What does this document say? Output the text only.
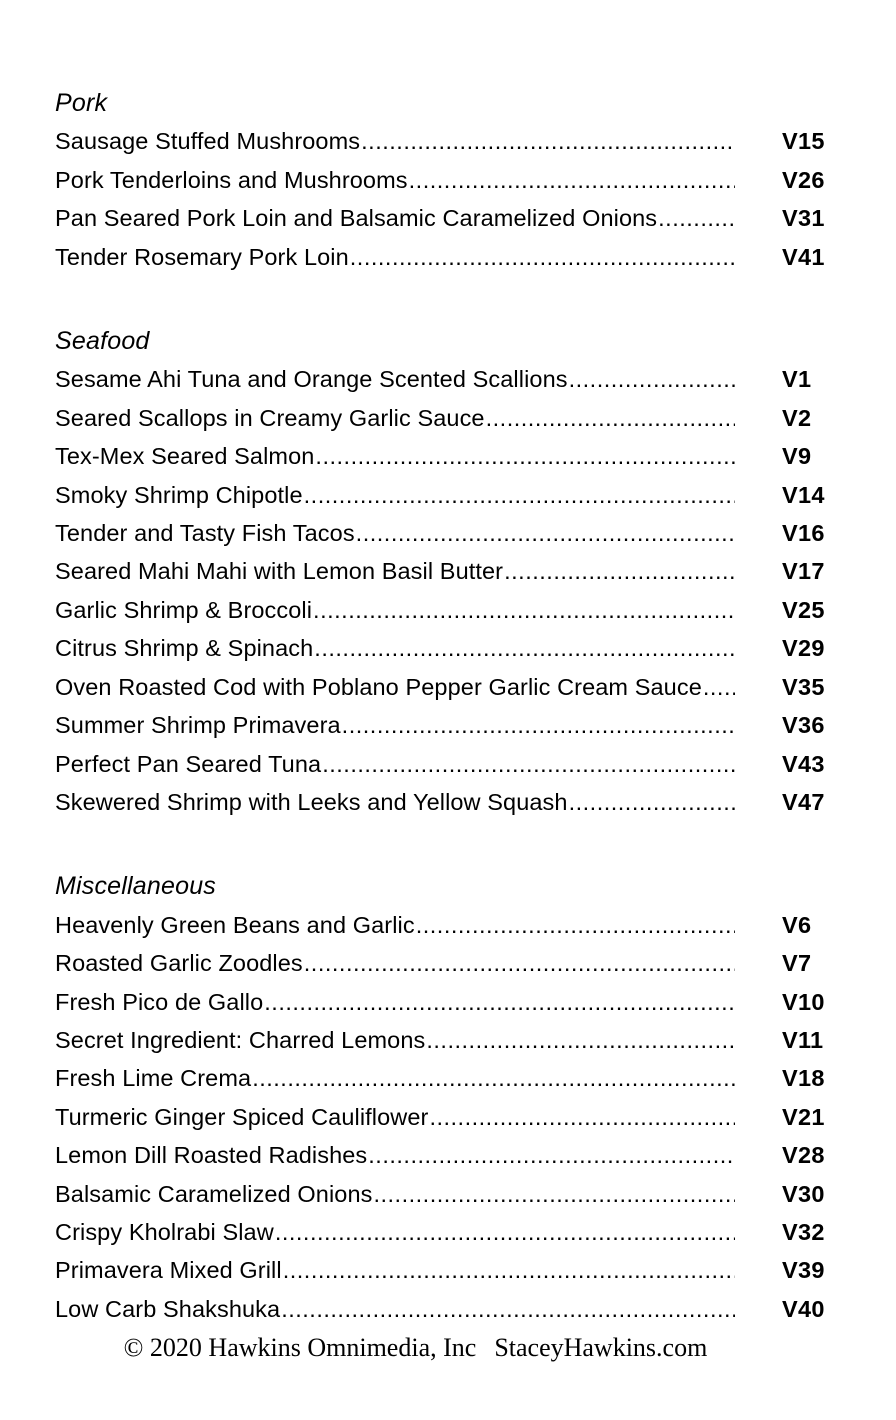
Pork
Sausage Stuffed Mushrooms .....	V15
Pork Tenderloins and Mushrooms .....	V26
Pan Seared Pork Loin and Balsamic Caramelized Onions .....	V31
Tender Rosemary Pork Loin .....	V41
Seafood
Sesame Ahi Tuna and Orange Scented Scallions .....	V1
Seared Scallops in Creamy Garlic Sauce .....	V2
Tex-Mex Seared Salmon .....	V9
Smoky Shrimp Chipotle .....	V14
Tender and Tasty Fish Tacos .....	V16
Seared Mahi Mahi with Lemon Basil Butter .....	V17
Garlic Shrimp & Broccoli .....	V25
Citrus Shrimp & Spinach .....	V29
Oven Roasted Cod with Poblano Pepper Garlic Cream Sauce .....	V35
Summer Shrimp Primavera .....	V36
Perfect Pan Seared Tuna .....	V43
Skewered Shrimp with Leeks and Yellow Squash .....	V47
Miscellaneous
Heavenly Green Beans and Garlic .....	V6
Roasted Garlic Zoodles .....	V7
Fresh Pico de Gallo .....	V10
Secret Ingredient: Charred Lemons .....	V11
Fresh Lime Crema .....	V18
Turmeric Ginger Spiced Cauliflower .....	V21
Lemon Dill Roasted Radishes .....	V28
Balsamic Caramelized Onions .....	V30
Crispy Kholrabi Slaw .....	V32
Primavera Mixed Grill .....	V39
Low Carb Shakshuka .....	V40
© 2020 Hawkins Omnimedia, Inc StaceyHawkins.com
